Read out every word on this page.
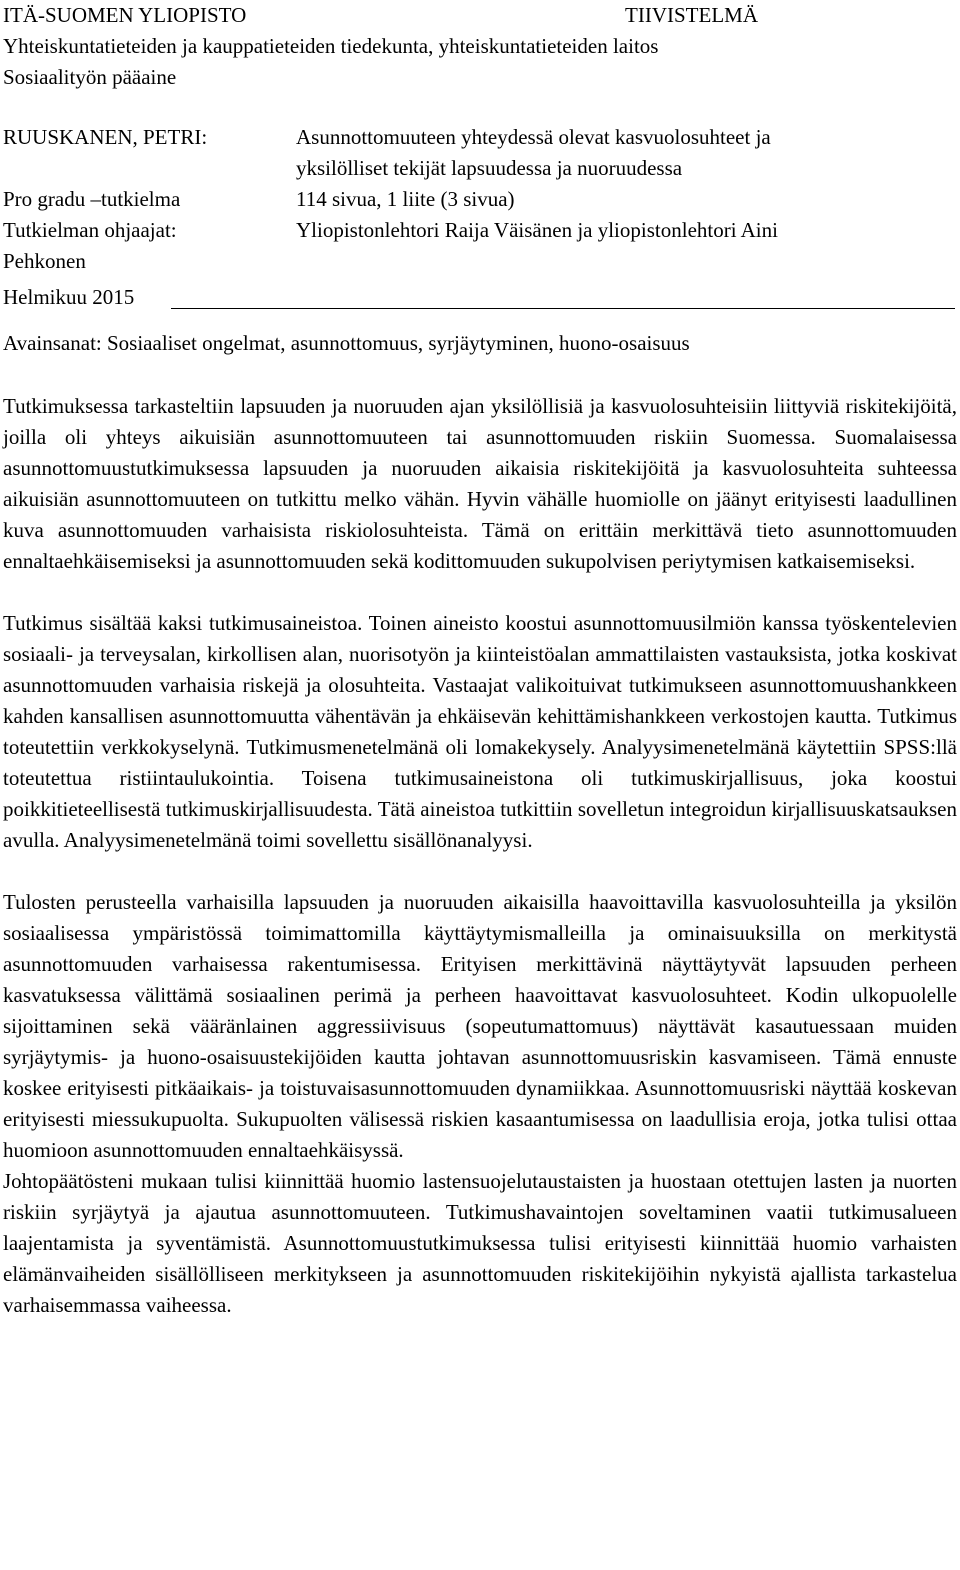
ITÄ-SUOMEN YLIOPISTO	TIIVISTELMÄ
Yhteiskuntatieteiden ja kauppatieteiden tiedekunta, yhteiskuntatieteiden laitos
Sosiaalityön pääaine
RUUSKANEN, PETRI:	Asunnottomuuteen yhteydessä olevat kasvuolosuhteet ja
yksilölliset tekijät lapsuudessa ja nuoruudessa
Pro gradu –tutkielma	114 sivua, 1 liite (3 sivua)
Tutkielman ohjaajat:	Yliopistonlehtori Raija Väisänen ja yliopistonlehtori Aini
Pehkonen
Helmikuu 2015
Avainsanat: Sosiaaliset ongelmat, asunnottomuus, syrjäytyminen, huono-osaisuus

Tutkimuksessa tarkasteltiin lapsuuden ja nuoruuden ajan yksilöllisiä ja kasvuolosuhteisiin liittyviä riskitekijöitä, joilla oli yhteys aikuisiän asunnottomuuteen tai asunnottomuuden riskiin Suomessa. Suomalaisessa asunnottomuustutkimuksessa lapsuuden ja nuoruuden aikaisia riskitekijöitä ja kasvuolosuhteita suhteessa aikuisiän asunnottomuuteen on tutkittu melko vähän. Hyvin vähälle huomiolle on jäänyt erityisesti laadullinen kuva asunnottomuuden varhaisista riskiolosuhteista. Tämä on erittäin merkittävä tieto asunnottomuuden ennaltaehkäisemiseksi ja asunnottomuuden sekä kodittomuuden sukupolvisen periytymisen katkaisemiseksi.

Tutkimus sisältää kaksi tutkimusaineistoa. Toinen aineisto koostui asunnottomuusilmiön kanssa työskentelevien sosiaali- ja terveysalan, kirkollisen alan, nuorisotyön ja kiinteistöalan ammattilaisten vastauksista, jotka koskivat asunnottomuuden varhaisia riskejä ja olosuhteita. Vastaajat valikoituivat tutkimukseen asunnottomuushankkeen kahden kansallisen asunnottomuutta vähentävän ja ehkäisevän kehittämishankkeen verkostojen kautta. Tutkimus toteutettiin verkkokyselynä. Tutkimusmenetelmänä oli lomakekysely. Analyysimenetelmänä käytettiin SPSS:llä toteutettua ristiintaulukointia. Toisena tutkimusaineistona oli tutkimuskirjallisuus, joka koostui poikkitieteellisestä tutkimuskirjallisuudesta. Tätä aineistoa tutkittiin sovelletun integroidun kirjallisuuskatsauksen avulla. Analyysimenetelmänä toimi sovellettu sisällönanalyysi.

Tulosten perusteella varhaisilla lapsuuden ja nuoruuden aikaisilla haavoittavilla kasvuolosuhteilla ja yksilön sosiaalisessa ympäristössä toimimattomilla käyttäytymismalleilla ja ominaisuuksilla on merkitystä asunnottomuuden varhaisessa rakentumisessa. Erityisen merkittävinä näyttäytyvät lapsuuden perheen kasvatuksessa välittämä sosiaalinen perimä ja perheen haavoittavat kasvuolosuhteet. Kodin ulkopuolelle sijoittaminen sekä vääränlainen aggressiivisuus (sopeutumattomuus) näyttävät kasautuessaan muiden syrjäytymis- ja huono-osaisuustekijöiden kautta johtavan asunnottomuusriskin kasvamiseen. Tämä ennuste koskee erityisesti pitkäaikais- ja toistuvaisasunnottomuuden dynamiikkaa. Asunnottomuusriski näyttää koskevan erityisesti miessukupuolta. Sukupuolten välisessä riskien kasaantumisessa on laadullisia eroja, jotka tulisi ottaa huomioon asunnottomuuden ennaltaehkäisyssä.

Johtopäätösteni mukaan tulisi kiinnittää huomio lastensuojelutaustaisten ja huostaan otettujen lasten ja nuorten riskiin syrjäytyä ja ajautua asunnottomuuteen. Tutkimushavaintojen soveltaminen vaatii tutkimusalueen laajentamista ja syventämistä. Asunnottomuustutkimuksessa tulisi erityisesti kiinnittää huomio varhaisten elämänvaiheiden sisällölliseen merkitykseen ja asunnottomuuden riskitekijöihin nykyistä ajallista tarkastelua varhaisemmassa vaiheessa.
